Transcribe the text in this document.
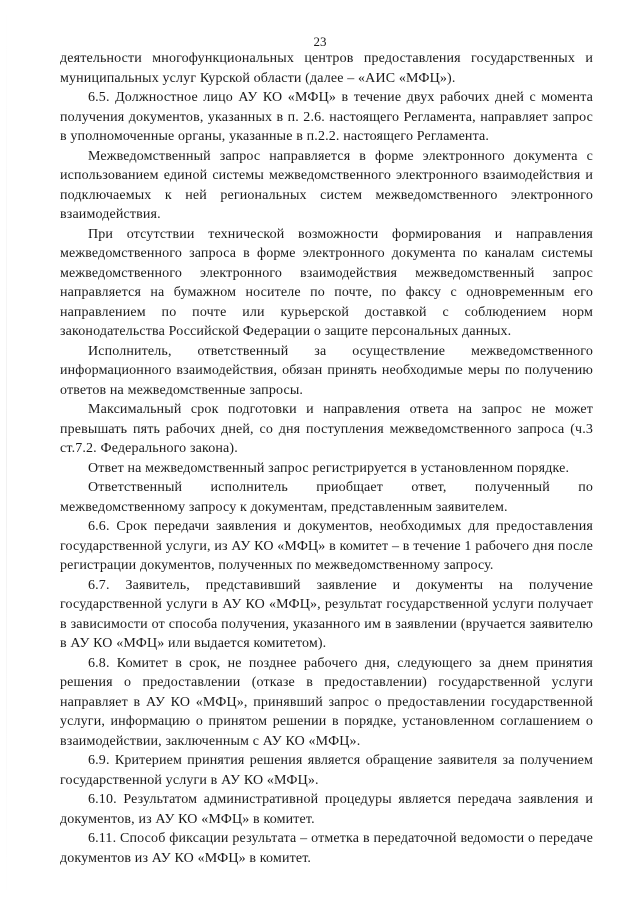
23

деятельности многофункциональных центров предоставления государственных и муниципальных услуг Курской области (далее – «АИС «МФЦ»).

6.5. Должностное лицо АУ КО «МФЦ» в течение двух рабочих дней с момента получения документов, указанных в п. 2.6. настоящего Регламента, направляет запрос в уполномоченные органы, указанные в п.2.2. настоящего Регламента.

Межведомственный запрос направляется в форме электронного документа с использованием единой системы межведомственного электронного взаимодействия и подключаемых к ней региональных систем межведомственного электронного взаимодействия.

При отсутствии технической возможности формирования и направления межведомственного запроса в форме электронного документа по каналам системы межведомственного электронного взаимодействия межведомственный запрос направляется на бумажном носителе по почте, по факсу с одновременным его направлением по почте или курьерской доставкой с соблюдением норм законодательства Российской Федерации о защите персональных данных.

Исполнитель, ответственный за осуществление межведомственного информационного взаимодействия, обязан принять необходимые меры по получению ответов на межведомственные запросы.

Максимальный срок подготовки и направления ответа на запрос не может превышать пять рабочих дней, со дня поступления межведомственного запроса (ч.3 ст.7.2. Федерального закона).

Ответ на межведомственный запрос регистрируется в установленном порядке.

Ответственный исполнитель приобщает ответ, полученный по межведомственному запросу к документам, представленным заявителем.

6.6. Срок передачи заявления и документов, необходимых для предоставления государственной услуги, из АУ КО «МФЦ» в комитет – в течение 1 рабочего дня после регистрации документов, полученных по межведомственному запросу.

6.7. Заявитель, представивший заявление и документы на получение государственной услуги в АУ КО «МФЦ», результат государственной услуги получает в зависимости от способа получения, указанного им в заявлении (вручается заявителю в АУ КО «МФЦ» или выдается комитетом).

6.8. Комитет в срок, не позднее рабочего дня, следующего за днем принятия решения о предоставлении (отказе в предоставлении) государственной услуги направляет в АУ КО «МФЦ», принявший запрос о предоставлении государственной услуги, информацию о принятом решении в порядке, установленном соглашением о взаимодействии, заключенным с АУ КО «МФЦ».

6.9. Критерием принятия решения является обращение заявителя за получением государственной услуги в АУ КО «МФЦ».

6.10. Результатом административной процедуры является передача заявления и документов, из АУ КО «МФЦ» в комитет.

6.11. Способ фиксации результата – отметка в передаточной ведомости о передаче документов из АУ КО «МФЦ» в комитет.
